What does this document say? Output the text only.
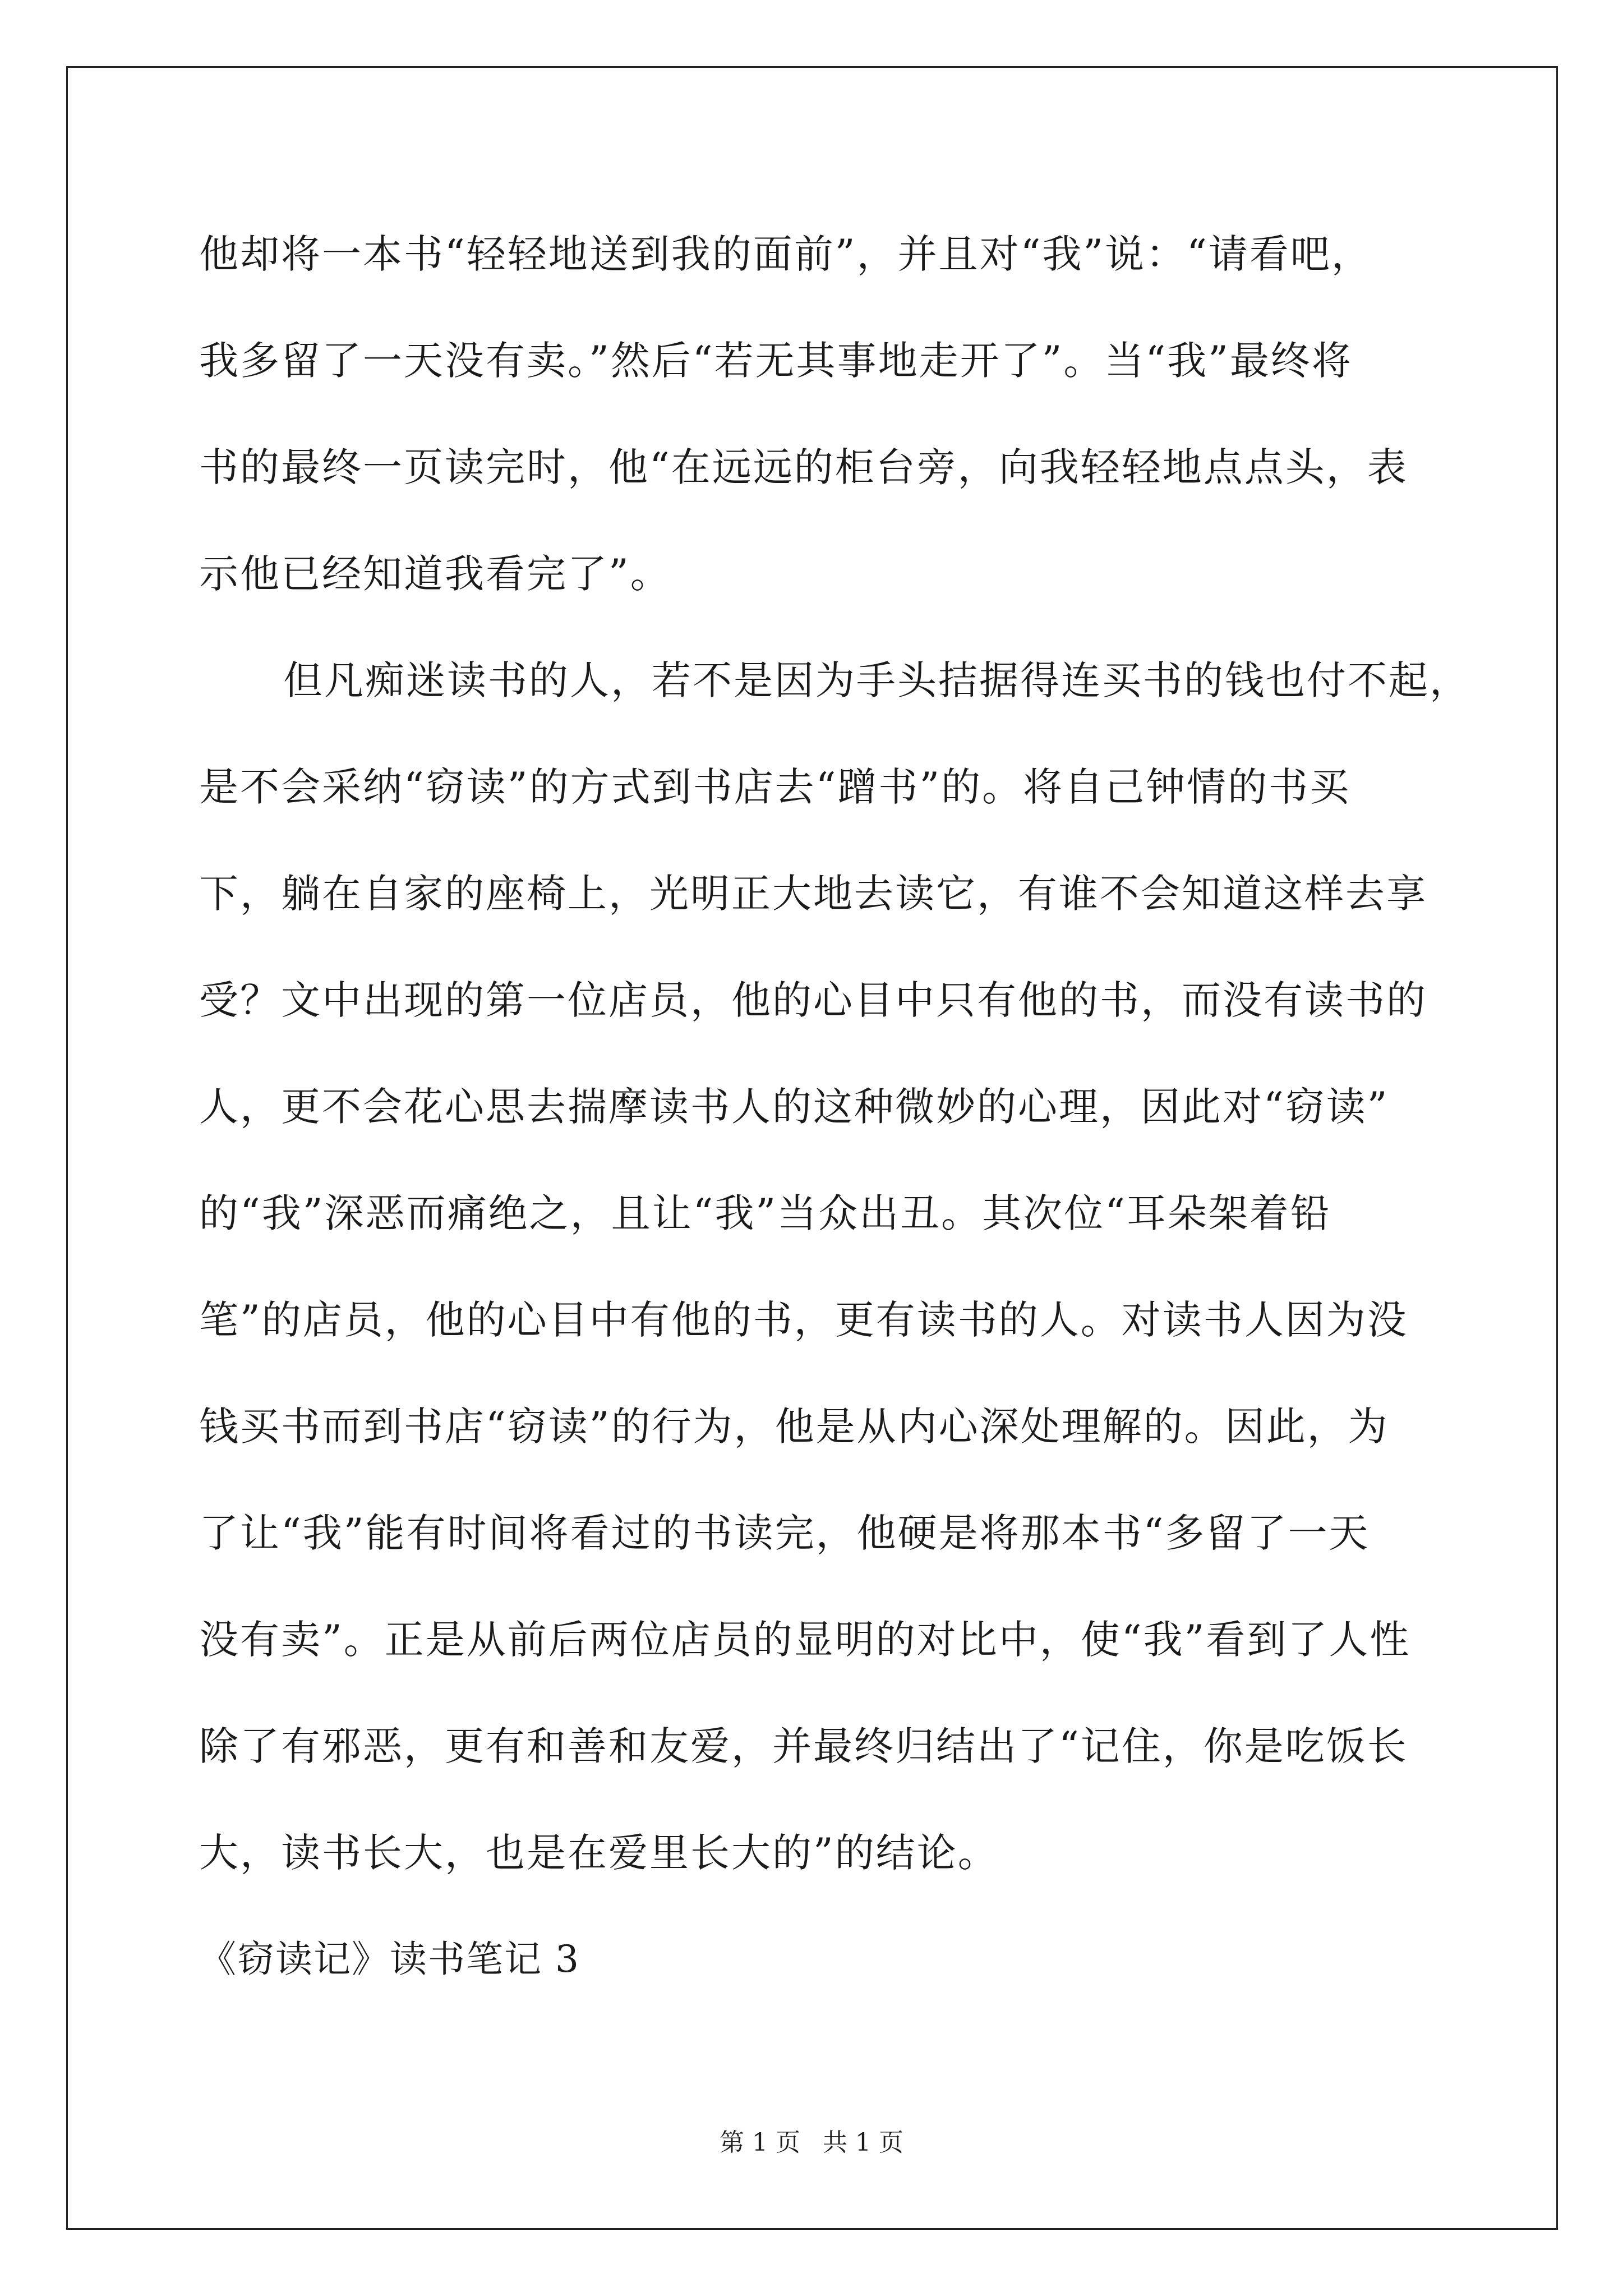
他却将一本书“轻轻地送到我的面前”，并且对“我”说：“请看吧，
我多留了一天没有卖。”然后“若无其事地走开了”。当“我”最终将
书的最终一页读完时，他“在远远的柜台旁，向我轻轻地点点头，表
示他已经知道我看完了”。
但凡痴迷读书的人，若不是因为手头拮据得连买书的钱也付不起，
是不会采纳“窃读”的方式到书店去“蹭书”的。将自己钟情的书买
下，躺在自家的座椅上，光明正大地去读它，有谁不会知道这样去享
受？文中出现的第一位店员，他的心目中只有他的书，而没有读书的
人，更不会花心思去揣摩读书人的这种微妙的心理，因此对“窃读”
的“我”深恶而痛绝之，且让“我”当众出丑。其次位“耳朵架着铅
笔”的店员，他的心目中有他的书，更有读书的人。对读书人因为没
钱买书而到书店“窃读”的行为，他是从内心深处理解的。因此，为
了让“我”能有时间将看过的书读完，他硬是将那本书“多留了一天
没有卖”。正是从前后两位店员的显明的对比中，使“我”看到了人性
除了有邪恶，更有和善和友爱，并最终归结出了“记住，你是吃饭长
大，读书长大，也是在爱里长大的”的结论。
《窃读记》读书笔记 3
第 1 页 共 1 页
